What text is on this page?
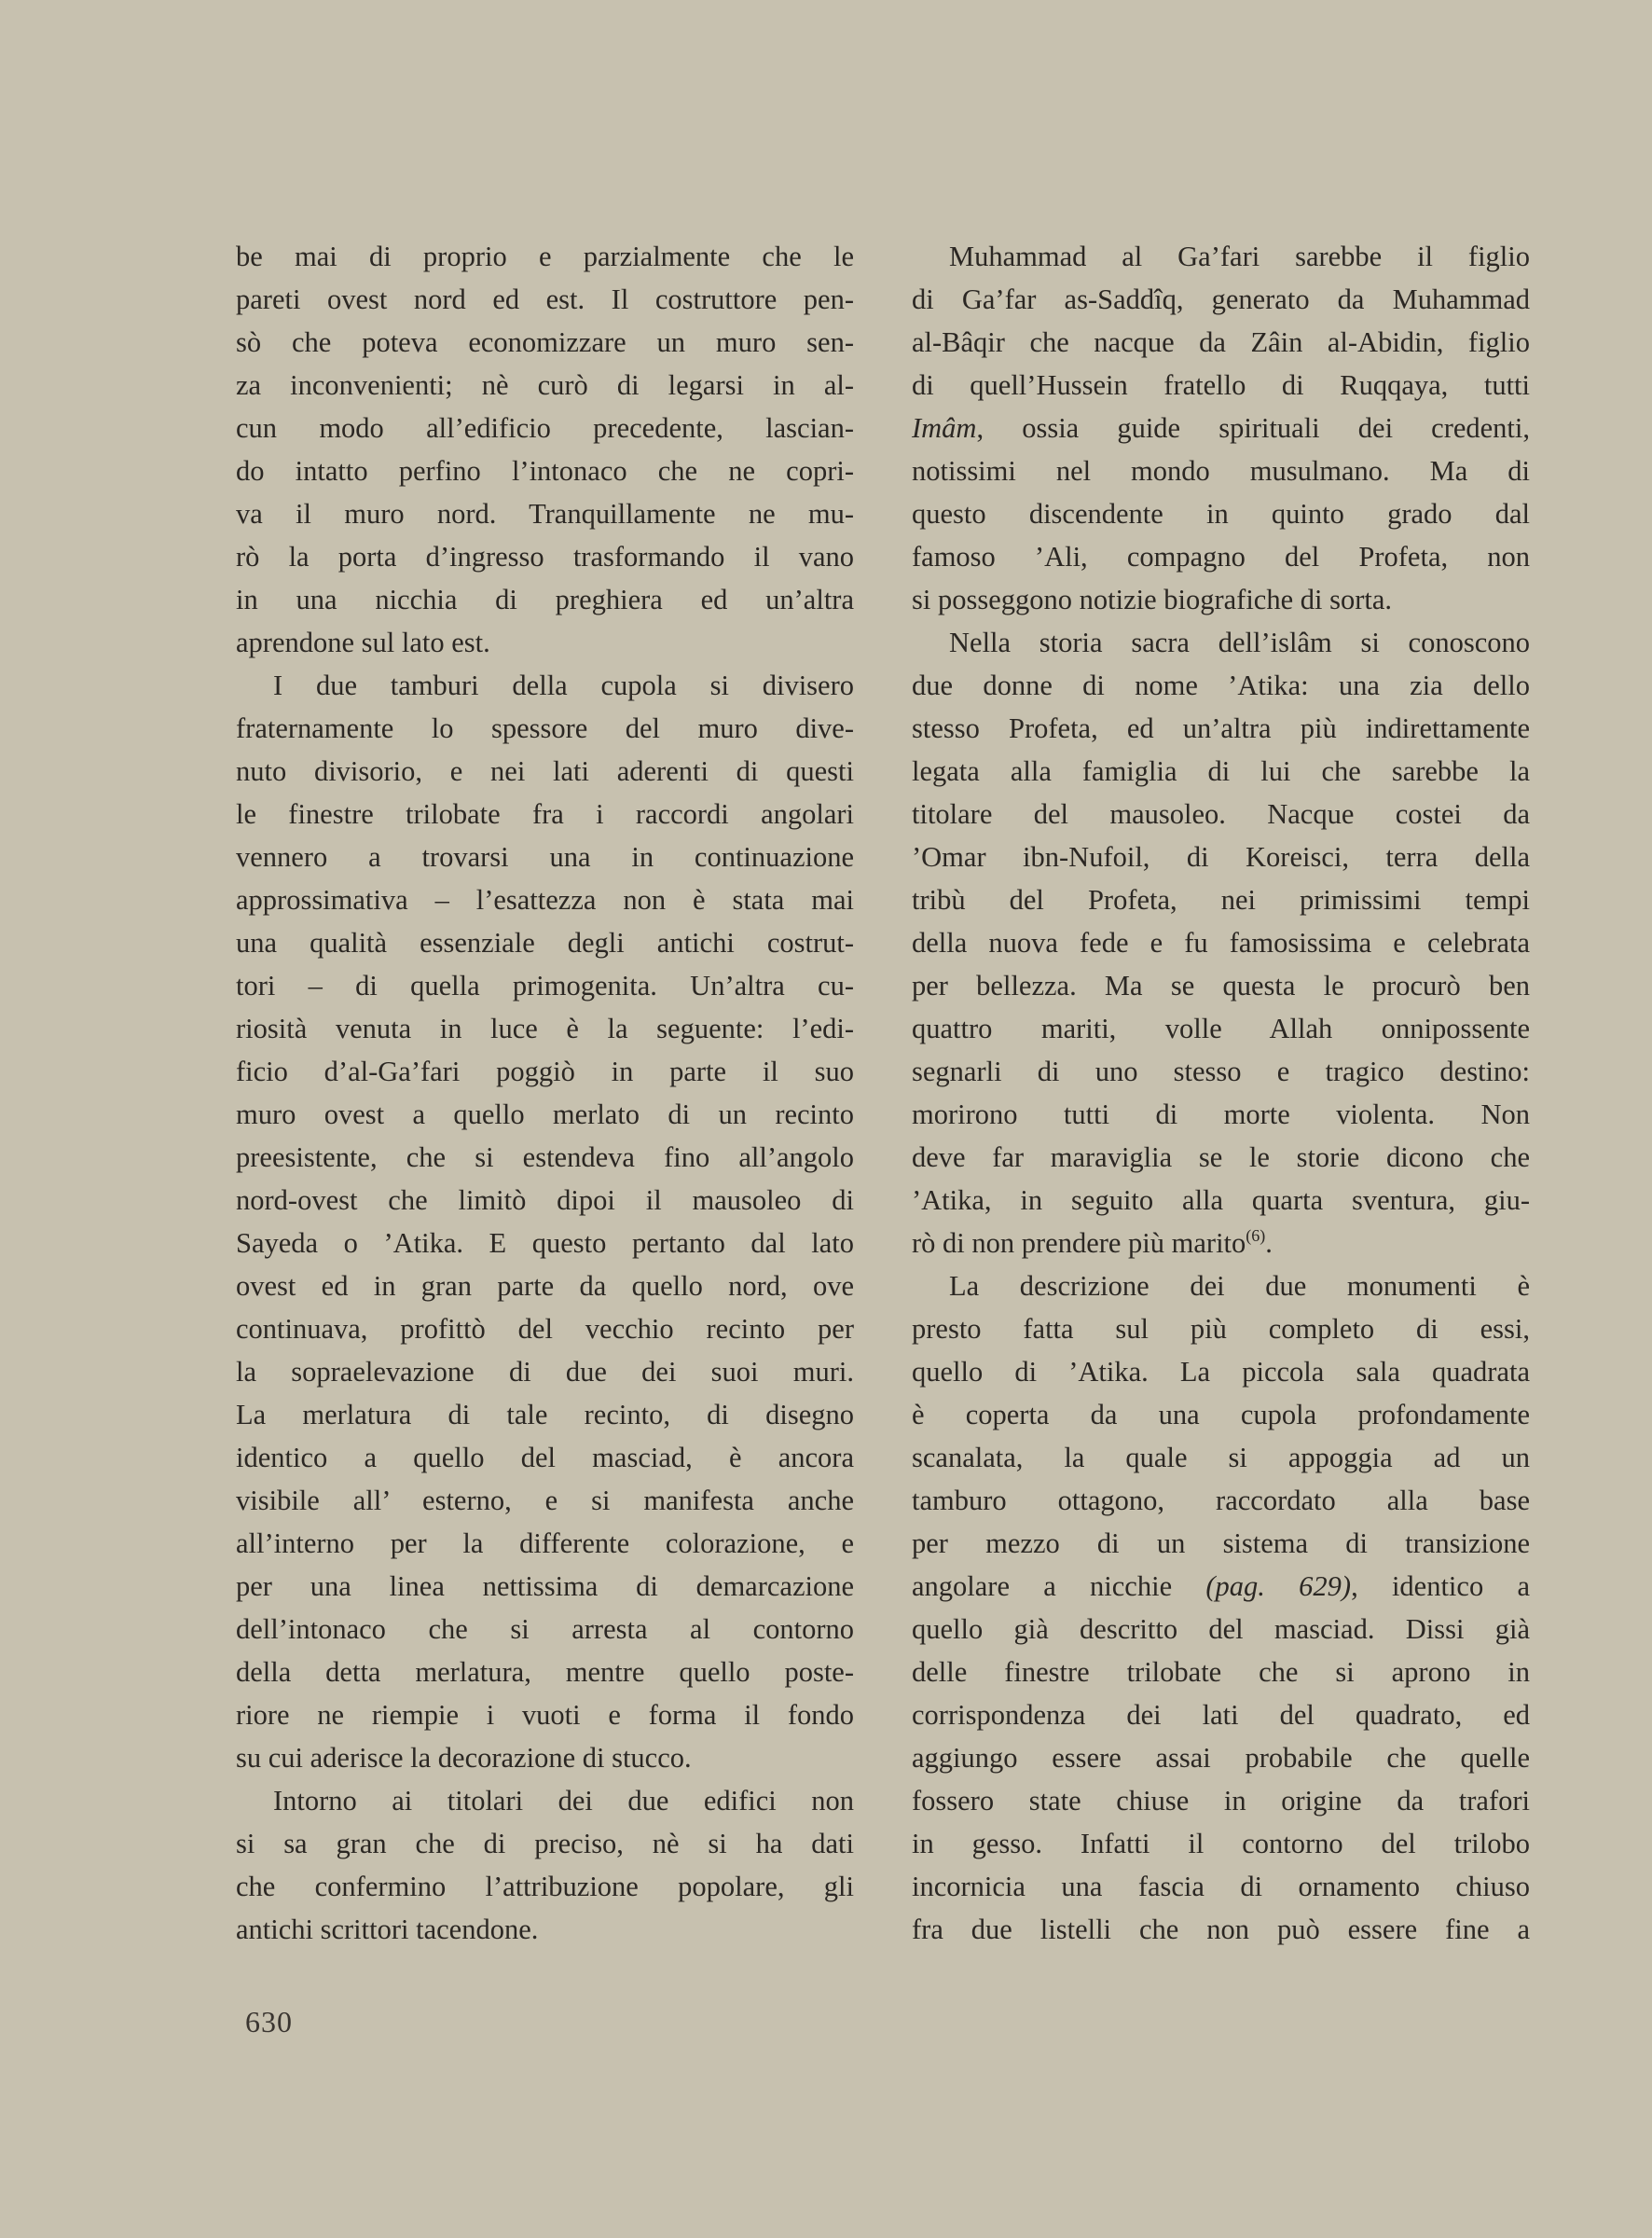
be mai di proprio e parzialmente che le
pareti ovest nord ed est. Il costruttore pen-
sò che poteva economizzare un muro sen-
za inconvenienti; nè curò di legarsi in al-
cun modo all’edificio precedente, lascian-
do intatto perfino l’intonaco che ne copri-
va il muro nord. Tranquillamente ne mu-
rò la porta d’ingresso trasformando il vano
in una nicchia di preghiera ed un’altra
aprendone sul lato est.
I due tamburi della cupola si divisero
fraternamente lo spessore del muro dive-
nuto divisorio, e nei lati aderenti di questi
le finestre trilobate fra i raccordi angolari
vennero a trovarsi una in continuazione
approssimativa – l’esattezza non è stata mai
una qualità essenziale degli antichi costrut-
tori – di quella primogenita. Un’altra cu-
riosità venuta in luce è la seguente: l’edi-
ficio d’al-Ga’fari poggiò in parte il suo
muro ovest a quello merlato di un recinto
preesistente, che si estendeva fino all’angolo
nord-ovest che limitò dipoi il mausoleo di
Sayeda o ’Atika. E questo pertanto dal lato
ovest ed in gran parte da quello nord, ove
continuava, profittò del vecchio recinto per
la sopraelevazione di due dei suoi muri.
La merlatura di tale recinto, di disegno
identico a quello del masciad, è ancora
visibile all’ esterno, e si manifesta anche
all’interno per la differente colorazione, e
per una linea nettissima di demarcazione
dell’intonaco che si arresta al contorno
della detta merlatura, mentre quello poste-
riore ne riempie i vuoti e forma il fondo
su cui aderisce la decorazione di stucco.
Intorno ai titolari dei due edifici non
si sa gran che di preciso, nè si ha dati
che confermino l’attribuzione popolare, gli
antichi scrittori tacendone.
Muhammad al Ga’fari sarebbe il figlio
di Ga’far as-Saddîq, generato da Muhammad
al-Bâqir che nacque da Zâin al-Abidin, figlio
di quell’Hussein fratello di Ruqqaya, tutti
Imâm, ossia guide spirituali dei credenti,
notissimi nel mondo musulmano. Ma di
questo discendente in quinto grado dal
famoso ’Ali, compagno del Profeta, non
si posseggono notizie biografiche di sorta.
Nella storia sacra dell’islâm si conoscono
due donne di nome ’Atika: una zia dello
stesso Profeta, ed un’altra più indirettamente
legata alla famiglia di lui che sarebbe la
titolare del mausoleo. Nacque costei da
’Omar ibn-Nufoil, di Koreisci, terra della
tribù del Profeta, nei primissimi tempi
della nuova fede e fu famosissima e celebrata
per bellezza. Ma se questa le procurò ben
quattro mariti, volle Allah onnipossente
segnarli di uno stesso e tragico destino:
morirono tutti di morte violenta. Non
deve far maraviglia se le storie dicono che
’Atika, in seguito alla quarta sventura, giu-
rò di non prendere più marito$^{(6)}$.
La descrizione dei due monumenti è
presto fatta sul più completo di essi,
quello di ’Atika. La piccola sala quadrata
è coperta da una cupola profondamente
scanalata, la quale si appoggia ad un
tamburo ottagono, raccordato alla base
per mezzo di un sistema di transizione
angolare a nicchie (pag. 629), identico a
quello già descritto del masciad. Dissi già
delle finestre trilobate che si aprono in
corrispondenza dei lati del quadrato, ed
aggiungo essere assai probabile che quelle
fossero state chiuse in origine da trafori
in gesso. Infatti il contorno del trilobo
incornicia una fascia di ornamento chiuso
fra due listelli che non può essere fine a
630
